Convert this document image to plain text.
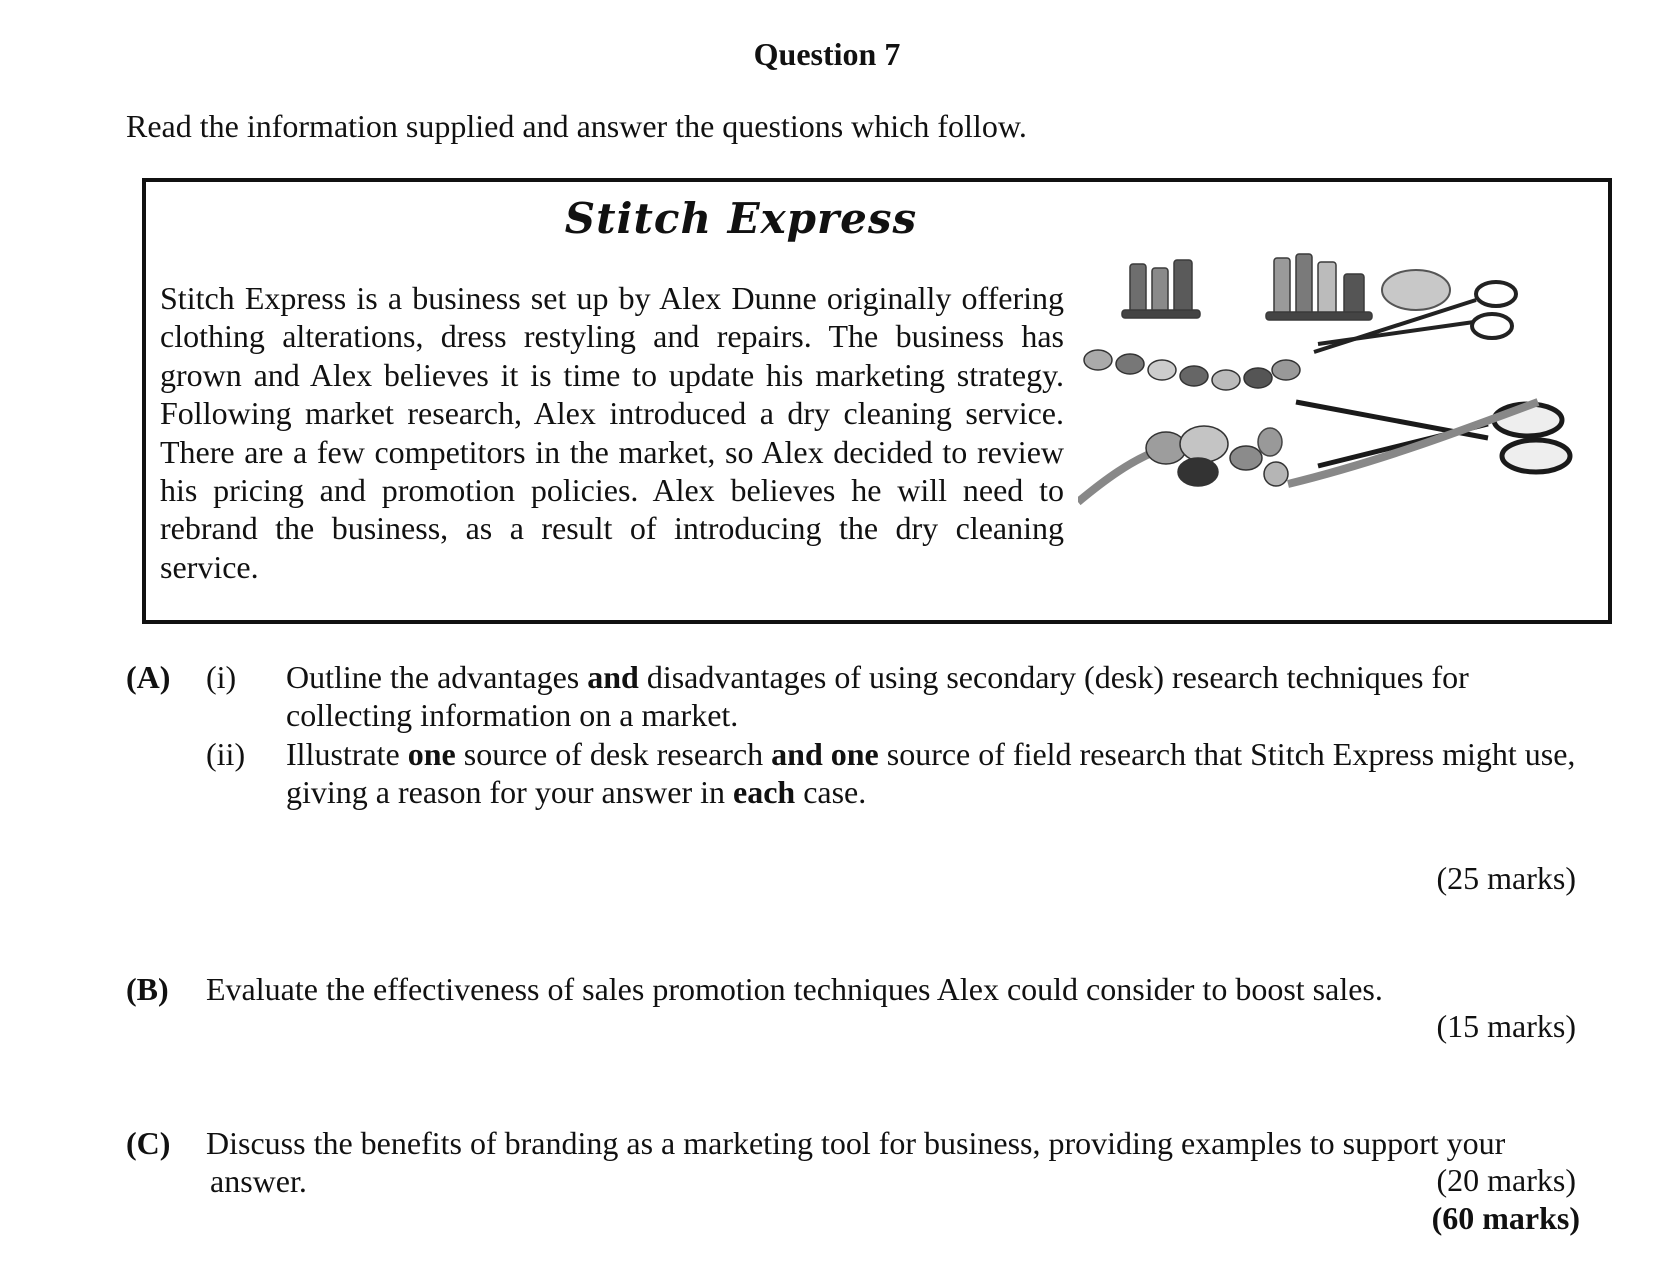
Question 7
Read the information supplied and answer the questions which follow.
Stitch Express
Stitch Express is a business set up by Alex Dunne originally offering clothing alterations, dress restyling and repairs. The business has grown and Alex believes it is time to update his marketing strategy. Following market research, Alex introduced a dry cleaning service. There are a few competitors in the market, so Alex decided to review his pricing and promotion policies. Alex believes he will need to rebrand the business, as a result of introducing the dry cleaning service.
(A) (i) Outline the advantages and disadvantages of using secondary (desk) research techniques for collecting information on a market.
(ii) Illustrate one source of desk research and one source of field research that Stitch Express might use, giving a reason for your answer in each case.
(25 marks)
(B) Evaluate the effectiveness of sales promotion techniques Alex could consider to boost sales.
(15 marks)
(C) Discuss the benefits of branding as a marketing tool for business, providing examples to support your
answer.	(20 marks)
(60 marks)
